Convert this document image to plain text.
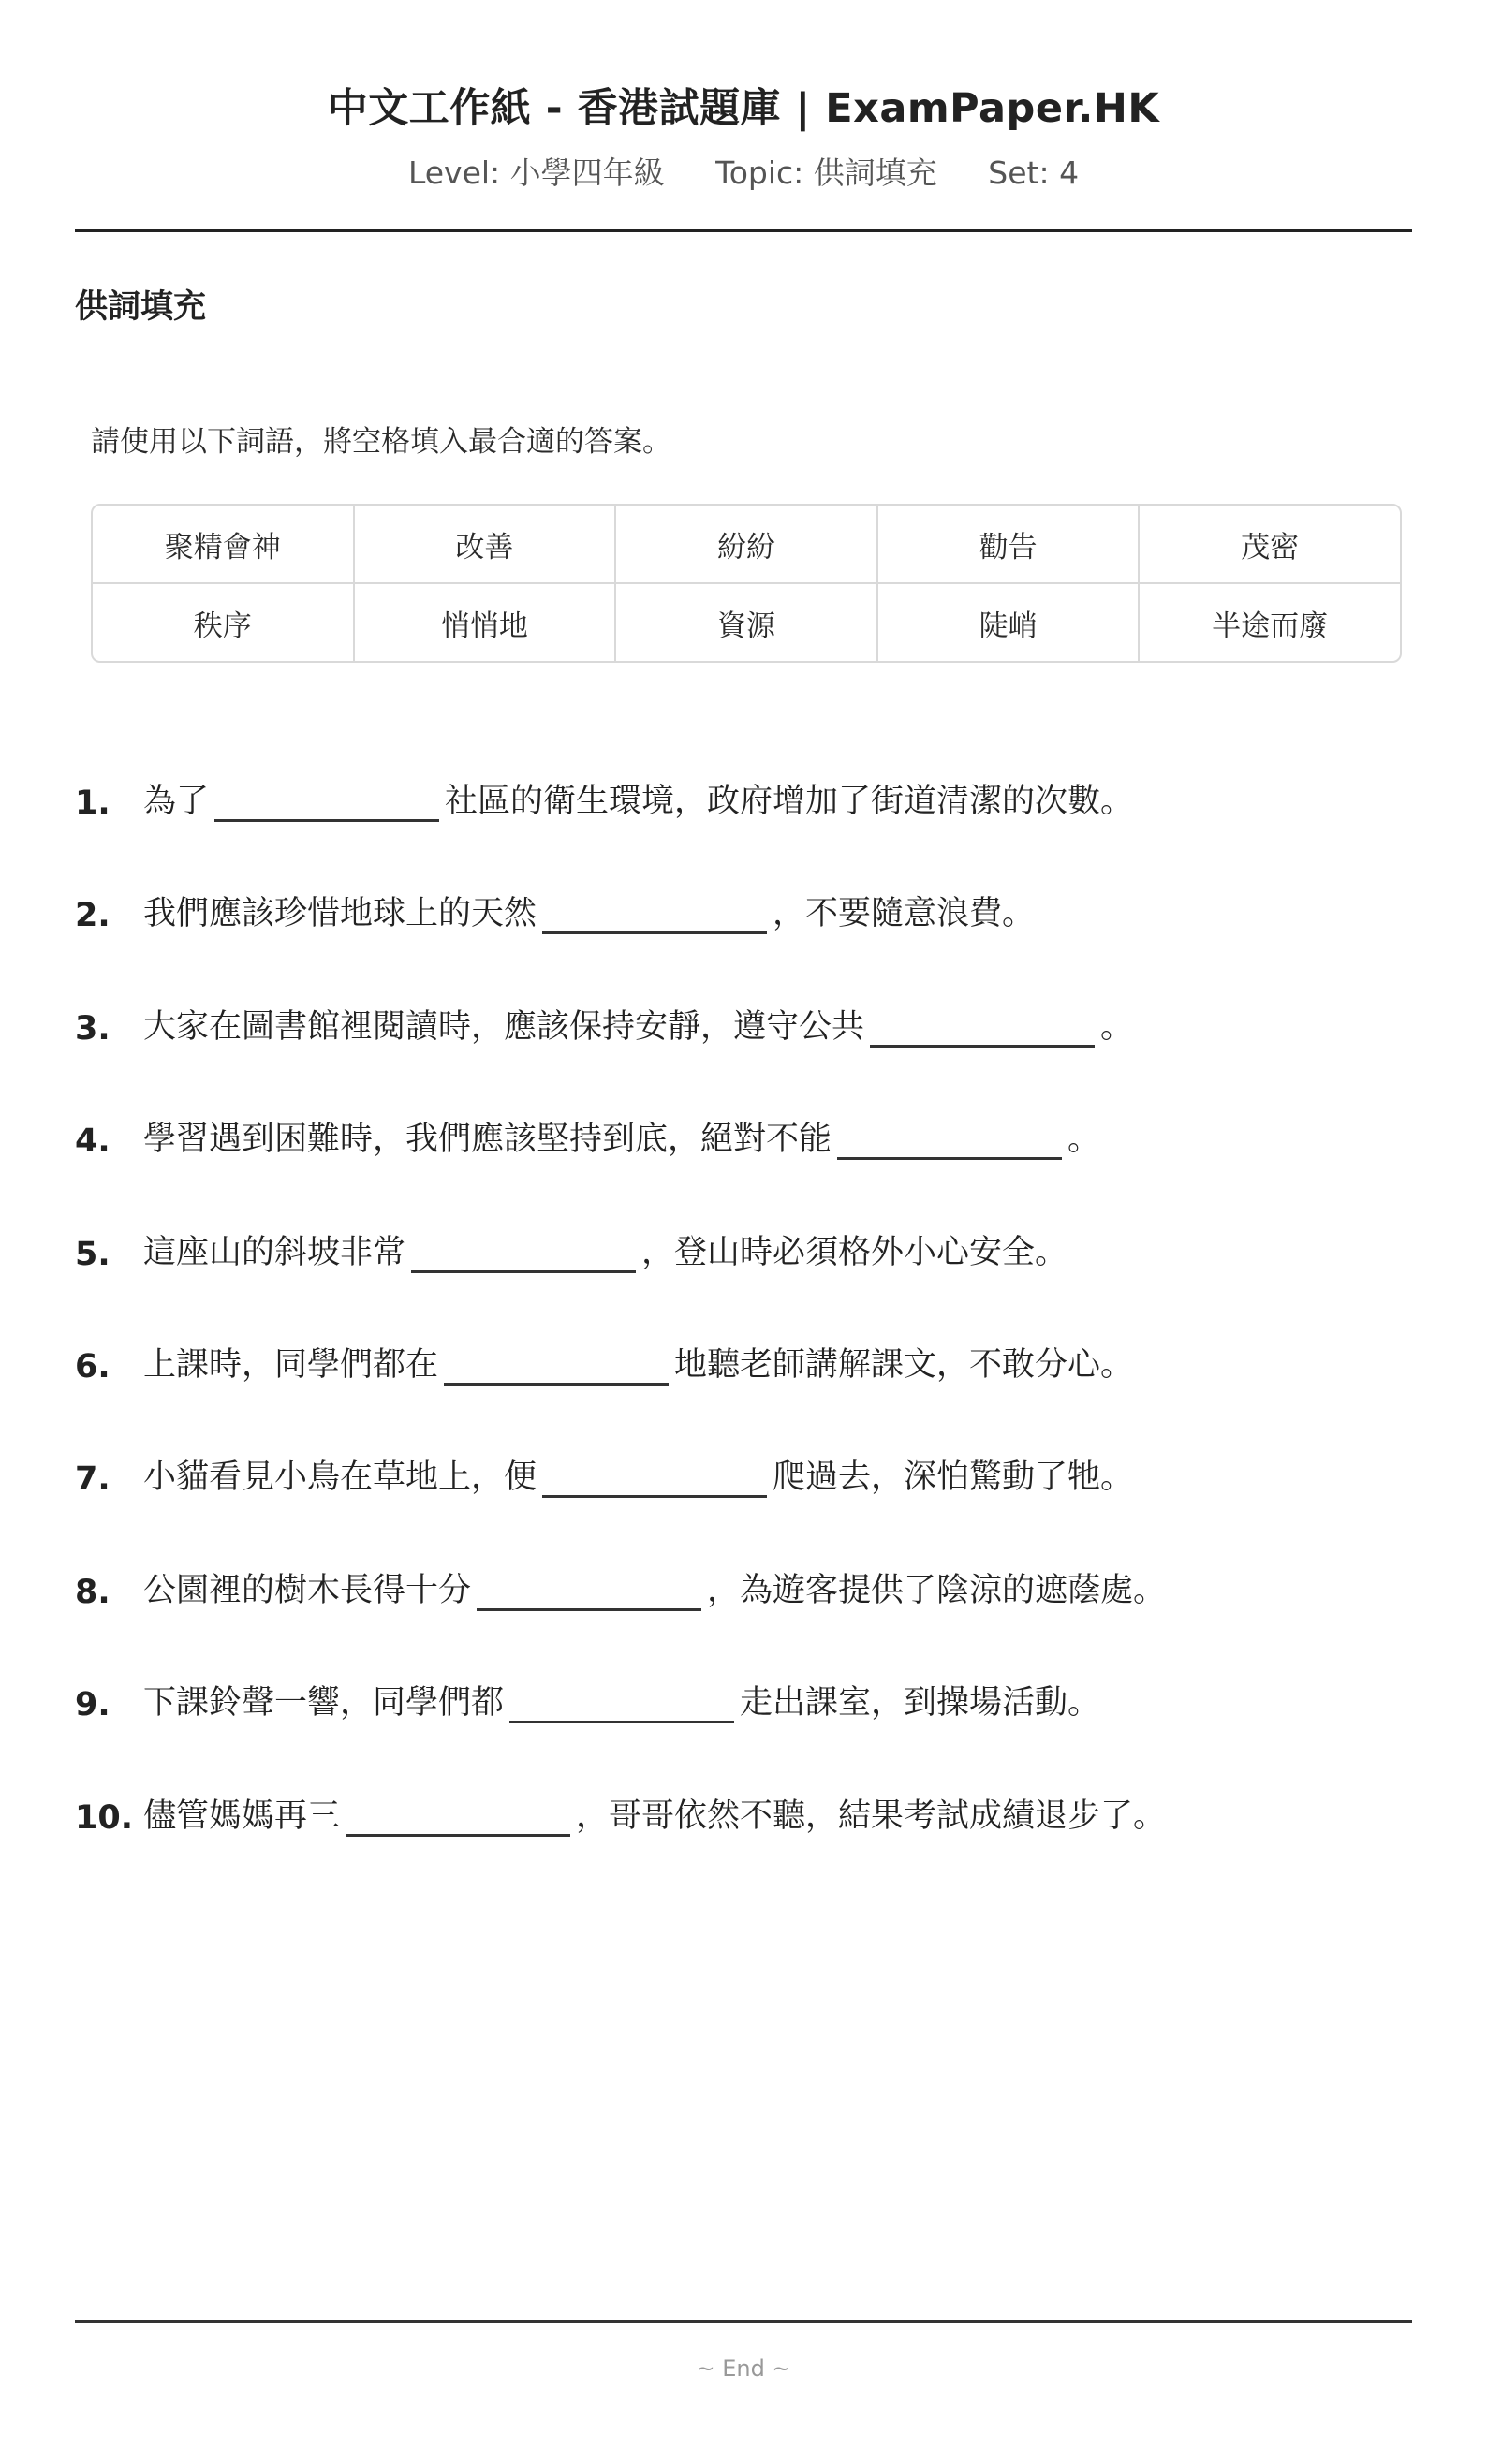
中文工作紙 - 香港試題庫 | ExamPaper.HK
Level: 小學四年級 Topic: 供詞填充 Set: 4
供詞填充
請使用以下詞語，將空格填入最合適的答案。
聚精會神	改善	紛紛	勸告	茂密
秩序	悄悄地	資源	陡峭	半途而廢
1.	為了	社區的衛生環境，政府增加了街道清潔的次數。
2.	我們應該珍惜地球上的天然	，不要隨意浪費。
3.	大家在圖書館裡閱讀時，應該保持安靜，遵守公共	。
4.	學習遇到困難時，我們應該堅持到底，絕對不能	。
5.	這座山的斜坡非常	，登山時必須格外小心安全。
6.	上課時，同學們都在	地聽老師講解課文，不敢分心。
7.	小貓看見小鳥在草地上，便	爬過去，深怕驚動了牠。
8.	公園裡的樹木長得十分	，為遊客提供了陰涼的遮蔭處。
9.	下課鈴聲一響，同學們都	走出課室，到操場活動。
10. 儘管媽媽再三	，哥哥依然不聽，結果考試成績退步了。
~ End ~
